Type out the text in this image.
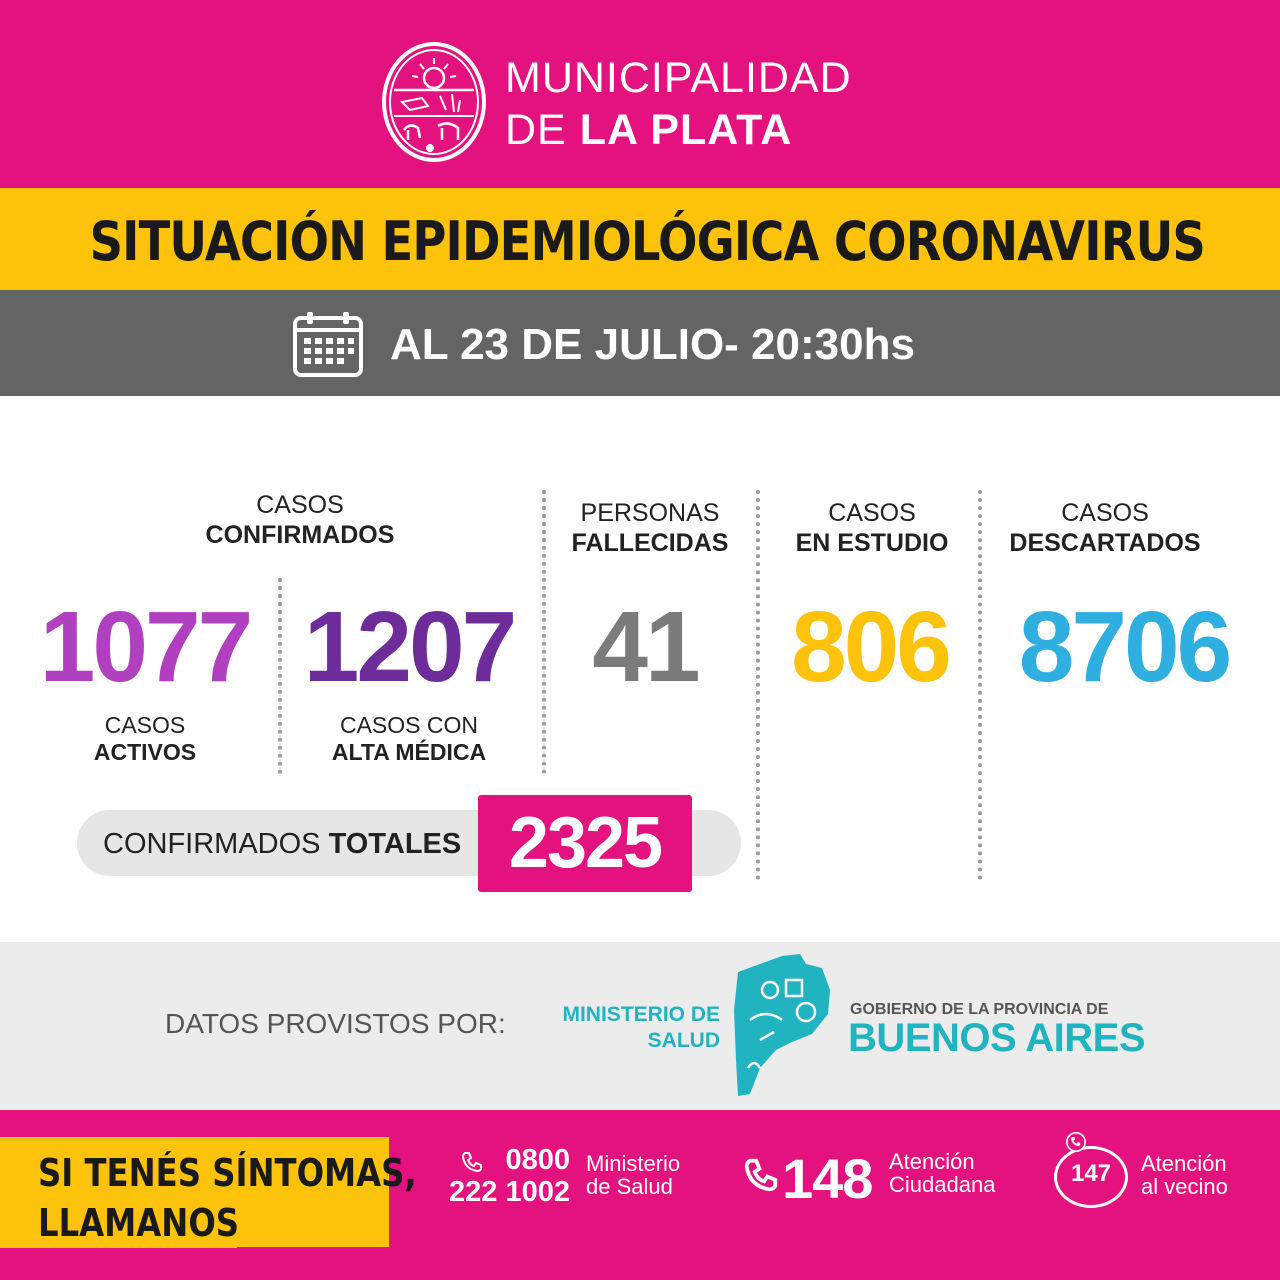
MUNICIPALIDAD
DE LA PLATA
SITUACIÓN EPIDEMIOLÓGICA CORONAVIRUS
AL 23 DE JULIO- 20:30hs
CASOS
CONFIRMADOS
1077
CASOS
ACTIVOS
1207
CASOS CON
ALTA MÉDICA
PERSONAS
FALLECIDAS
41
CASOS
EN ESTUDIO
806
CASOS
DESCARTADOS
8706
CONFIRMADOS TOTALES 2325
DATOS PROVISTOS POR:	MINISTERIO DE
SALUD
GOBIERNO DE LA PROVINCIA DE
BUENOS AIRES
SI TENÉS SÍNTOMAS,
LLAMANOS
0800
222 1002
Ministerio
de Salud 148 Atención
Ciudadana	147	Atención
al vecino
